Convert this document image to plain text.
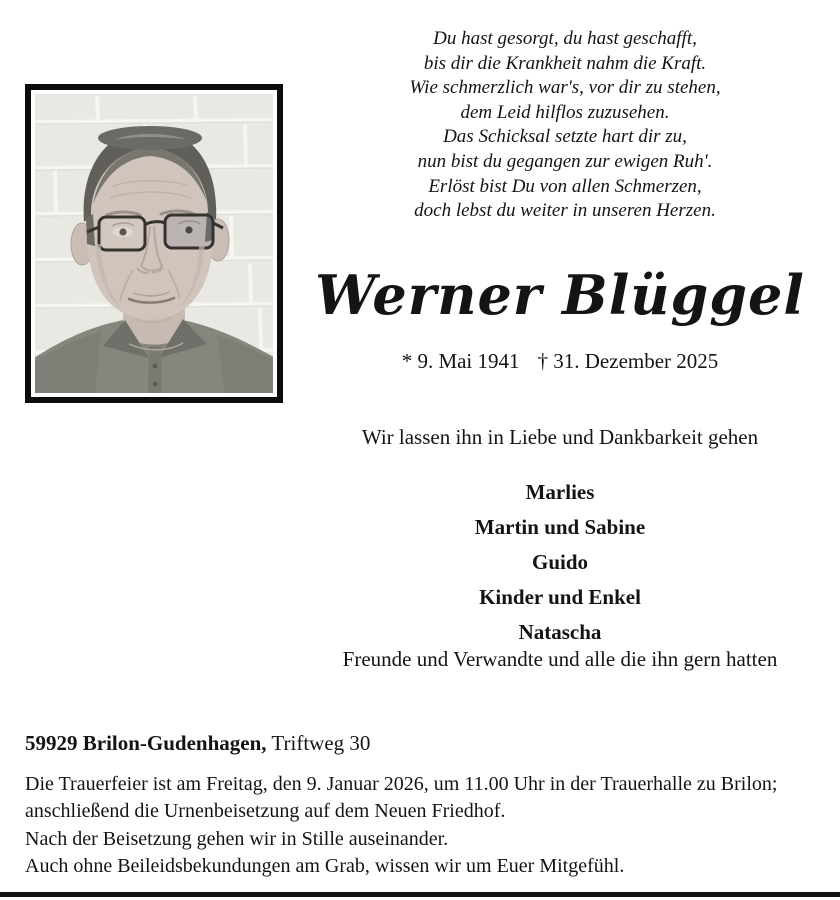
Du hast gesorgt, du hast geschafft,
bis dir die Krankheit nahm die Kraft.
Wie schmerzlich war's, vor dir zu stehen,
dem Leid hilflos zuzusehen.
Das Schicksal setzte hart dir zu,
nun bist du gegangen zur ewigen Ruh'.
Erlöst bist Du von allen Schmerzen,
doch lebst du weiter in unseren Herzen.
Werner Blüggel
* 9. Mai 1941 † 31. Dezember 2025
Wir lassen ihn in Liebe und Dankbarkeit gehen
Marlies
Martin und Sabine
Guido
Kinder und Enkel
Natascha
Freunde und Verwandte und alle die ihn gern hatten
59929 Brilon-Gudenhagen, Triftweg 30

Die Trauerfeier ist am Freitag, den 9. Januar 2026, um 11.00 Uhr in der Trauerhalle zu Brilon; anschließend die Urnenbeisetzung auf dem Neuen Friedhof.

Nach der Beisetzung gehen wir in Stille auseinander.

Auch ohne Beileidsbekundungen am Grab, wissen wir um Euer Mitgefühl.
